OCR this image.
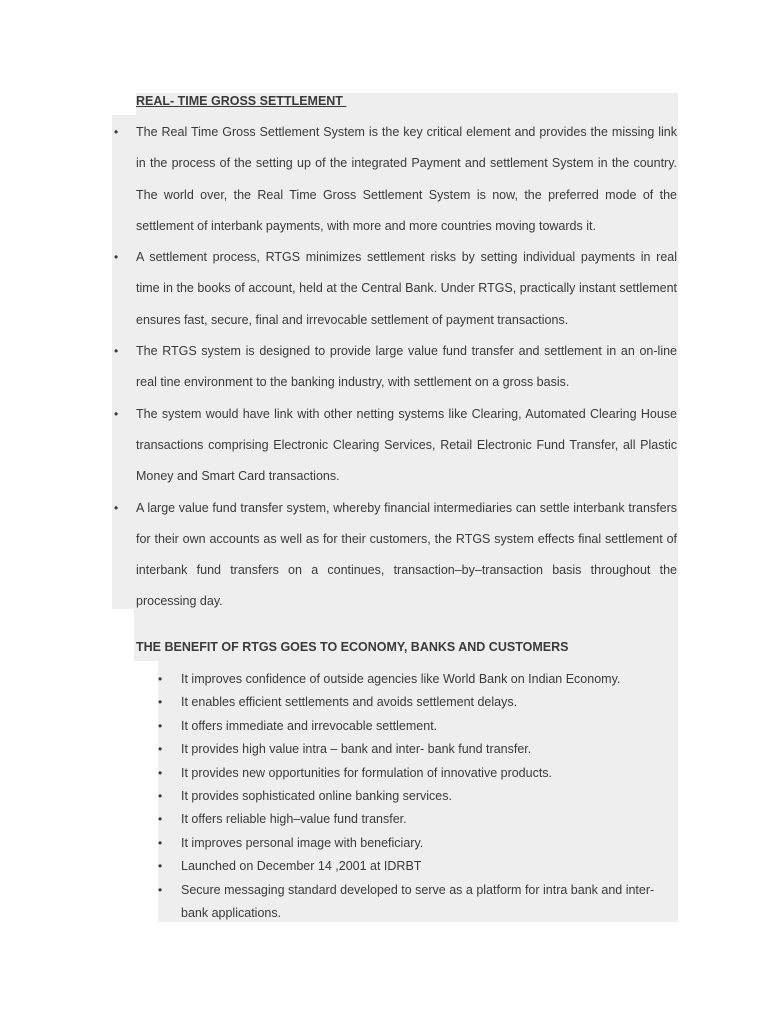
REAL- TIME GROSS SETTLEMENT
• The Real Time Gross Settlement System is the key critical element and provides the missing link in the process of the setting up of the integrated Payment and settlement System in the country. The world over, the Real Time Gross Settlement System is now, the preferred mode of the settlement of interbank payments, with more and more countries moving towards it.
• A settlement process, RTGS minimizes settlement risks by setting individual payments in real time in the books of account, held at the Central Bank. Under RTGS, practically instant settlement ensures fast, secure, final and irrevocable settlement of payment transactions.
• The RTGS system is designed to provide large value fund transfer and settlement in an on-line real tine environment to the banking industry, with settlement on a gross basis.
• The system would have link with other netting systems like Clearing, Automated Clearing House transactions comprising Electronic Clearing Services, Retail Electronic Fund Transfer, all Plastic Money and Smart Card transactions.
• A large value fund transfer system, whereby financial intermediaries can settle interbank transfers for their own accounts as well as for their customers, the RTGS system effects final settlement of interbank fund transfers on a continues, transaction–by–transaction basis throughout the processing day.
THE BENEFIT OF RTGS GOES TO ECONOMY, BANKS AND CUSTOMERS
• It improves confidence of outside agencies like World Bank on Indian Economy.
• It enables efficient settlements and avoids settlement delays.
• It offers immediate and irrevocable settlement.
• It provides high value intra – bank and inter- bank fund transfer.
• It provides new opportunities for formulation of innovative products.
• It provides sophisticated online banking services.
• It offers reliable high–value fund transfer.
• It improves personal image with beneficiary.
• Launched on December 14 ,2001 at IDRBT
• Secure messaging standard developed to serve as a platform for intra bank and inter-bank applications.
